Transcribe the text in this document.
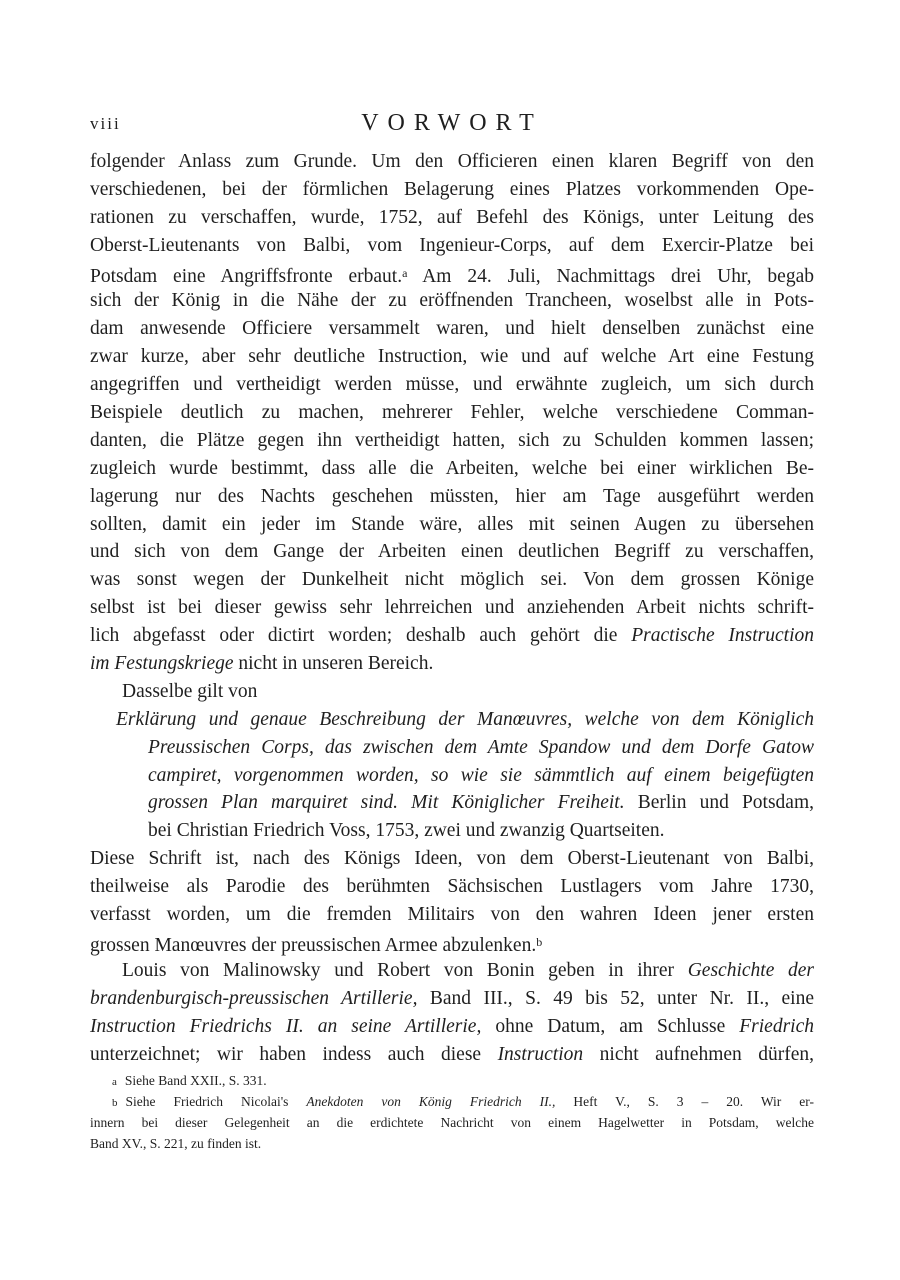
viii	VORWORT
folgender Anlass zum Grunde. Um den Officieren einen klaren Begriff von den
verschiedenen, bei der förmlichen Belagerung eines Platzes vorkommenden Ope-
rationen zu verschaffen, wurde, 1752, auf Befehl des Königs, unter Leitung des
Oberst-Lieutenants von Balbi, vom Ingenieur-Corps, auf dem Exercir-Platze bei
Potsdam eine Angriffsfronte erbaut.$^a$ Am 24. Juli, Nachmittags drei Uhr, begab
sich der König in die Nähe der zu eröffnenden Trancheen, woselbst alle in Pots-
dam anwesende Officiere versammelt waren, und hielt denselben zunächst eine
zwar kurze, aber sehr deutliche Instruction, wie und auf welche Art eine Festung
angegriffen und vertheidigt werden müsse, und erwähnte zugleich, um sich durch
Beispiele deutlich zu machen, mehrerer Fehler, welche verschiedene Comman-
danten, die Plätze gegen ihn vertheidigt hatten, sich zu Schulden kommen lassen;
zugleich wurde bestimmt, dass alle die Arbeiten, welche bei einer wirklichen Be-
lagerung nur des Nachts geschehen müssten, hier am Tage ausgeführt werden
sollten, damit ein jeder im Stande wäre, alles mit seinen Augen zu übersehen
und sich von dem Gange der Arbeiten einen deutlichen Begriff zu verschaffen,
was sonst wegen der Dunkelheit nicht möglich sei. Von dem grossen Könige
selbst ist bei dieser gewiss sehr lehrreichen und anziehenden Arbeit nichts schrift-
lich abgefasst oder dictirt worden; deshalb auch gehört die Practische Instruction
im Festungskriege nicht in unseren Bereich.
Dasselbe gilt von
Erklärung und genaue Beschreibung der Manœuvres, welche von dem Königlich
Preussischen Corps, das zwischen dem Amte Spandow und dem Dorfe Gatow
campiret, vorgenommen worden, so wie sie sämmtlich auf einem beigefügten
grossen Plan marquiret sind. Mit Königlicher Freiheit. Berlin und Potsdam,
bei Christian Friedrich Voss, 1753, zwei und zwanzig Quartseiten.
Diese Schrift ist, nach des Königs Ideen, von dem Oberst-Lieutenant von Balbi,
theilweise als Parodie des berühmten Sächsischen Lustlagers vom Jahre 1730,
verfasst worden, um die fremden Militairs von den wahren Ideen jener ersten
grossen Manœuvres der preussischen Armee abzulenken.$^b$
Louis von Malinowsky und Robert von Bonin geben in ihrer Geschichte der
brandenburgisch-preussischen Artillerie, Band III., S. 49 bis 52, unter Nr. II., eine
Instruction Friedrichs II. an seine Artillerie, ohne Datum, am Schlusse Friedrich
unterzeichnet; wir haben indess auch diese Instruction nicht aufnehmen dürfen,
a Siehe Band XXII., S. 331.
b Siehe Friedrich Nicolai's Anekdoten von König Friedrich II., Heft V., S. 3 – 20. Wir er-
innern bei dieser Gelegenheit an die erdichtete Nachricht von einem Hagelwetter in Potsdam, welche
Band XV., S. 221, zu finden ist.
